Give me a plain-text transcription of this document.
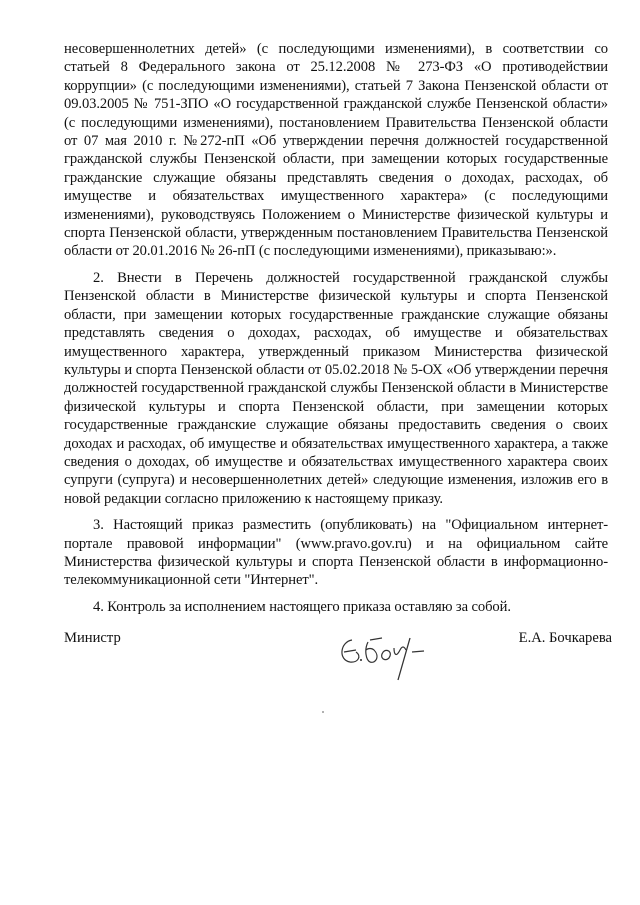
несовершеннолетних детей» (с последующими изменениями), в соответствии со статьей 8 Федерального закона от 25.12.2008 № 273-ФЗ «О противодействии коррупции» (с последующими изменениями), статьей 7 Закона Пензенской области от 09.03.2005 № 751-ЗПО «О государственной гражданской службе Пензенской области» (с последующими изменениями), постановлением Правительства Пензенской области от 07 мая 2010 г. №272-пП «Об утверждении перечня должностей государственной гражданской службы Пензенской области, при замещении которых государственные гражданские служащие обязаны представлять сведения о доходах, расходах, об имуществе и обязательствах имущественного характера» (с последующими изменениями), руководствуясь Положением о Министерстве физической культуры и спорта Пензенской области, утвержденным постановлением Правительства Пензенской области от 20.01.2016 № 26-пП (с последующими изменениями), приказываю:».

2. Внести в Перечень должностей государственной гражданской службы Пензенской области в Министерстве физической культуры и спорта Пензенской области, при замещении которых государственные гражданские служащие обязаны представлять сведения о доходах, расходах, об имуществе и обязательствах имущественного характера, утвержденный приказом Министерства физической культуры и спорта Пензенской области от 05.02.2018 № 5-ОХ «Об утверждении перечня должностей государственной гражданской службы Пензенской области в Министерстве физической культуры и спорта Пензенской области, при замещении которых государственные гражданские служащие обязаны предоставить сведения о своих доходах и расходах, об имуществе и обязательствах имущественного характера, а также сведения о доходах, об имуществе и обязательствах имущественного характера своих супруги (супруга) и несовершеннолетних детей» следующие изменения, изложив его в новой редакции согласно приложению к настоящему приказу.

3. Настоящий приказ разместить (опубликовать) на "Официальном интернет-портале правовой информации" (www.pravo.gov.ru) и на официальном сайте Министерства физической культуры и спорта Пензенской области в информационно-телекоммуникационной сети "Интернет".

4. Контроль за исполнением настоящего приказа оставляю за собой.

Министр	Е.А. Бочкарева
